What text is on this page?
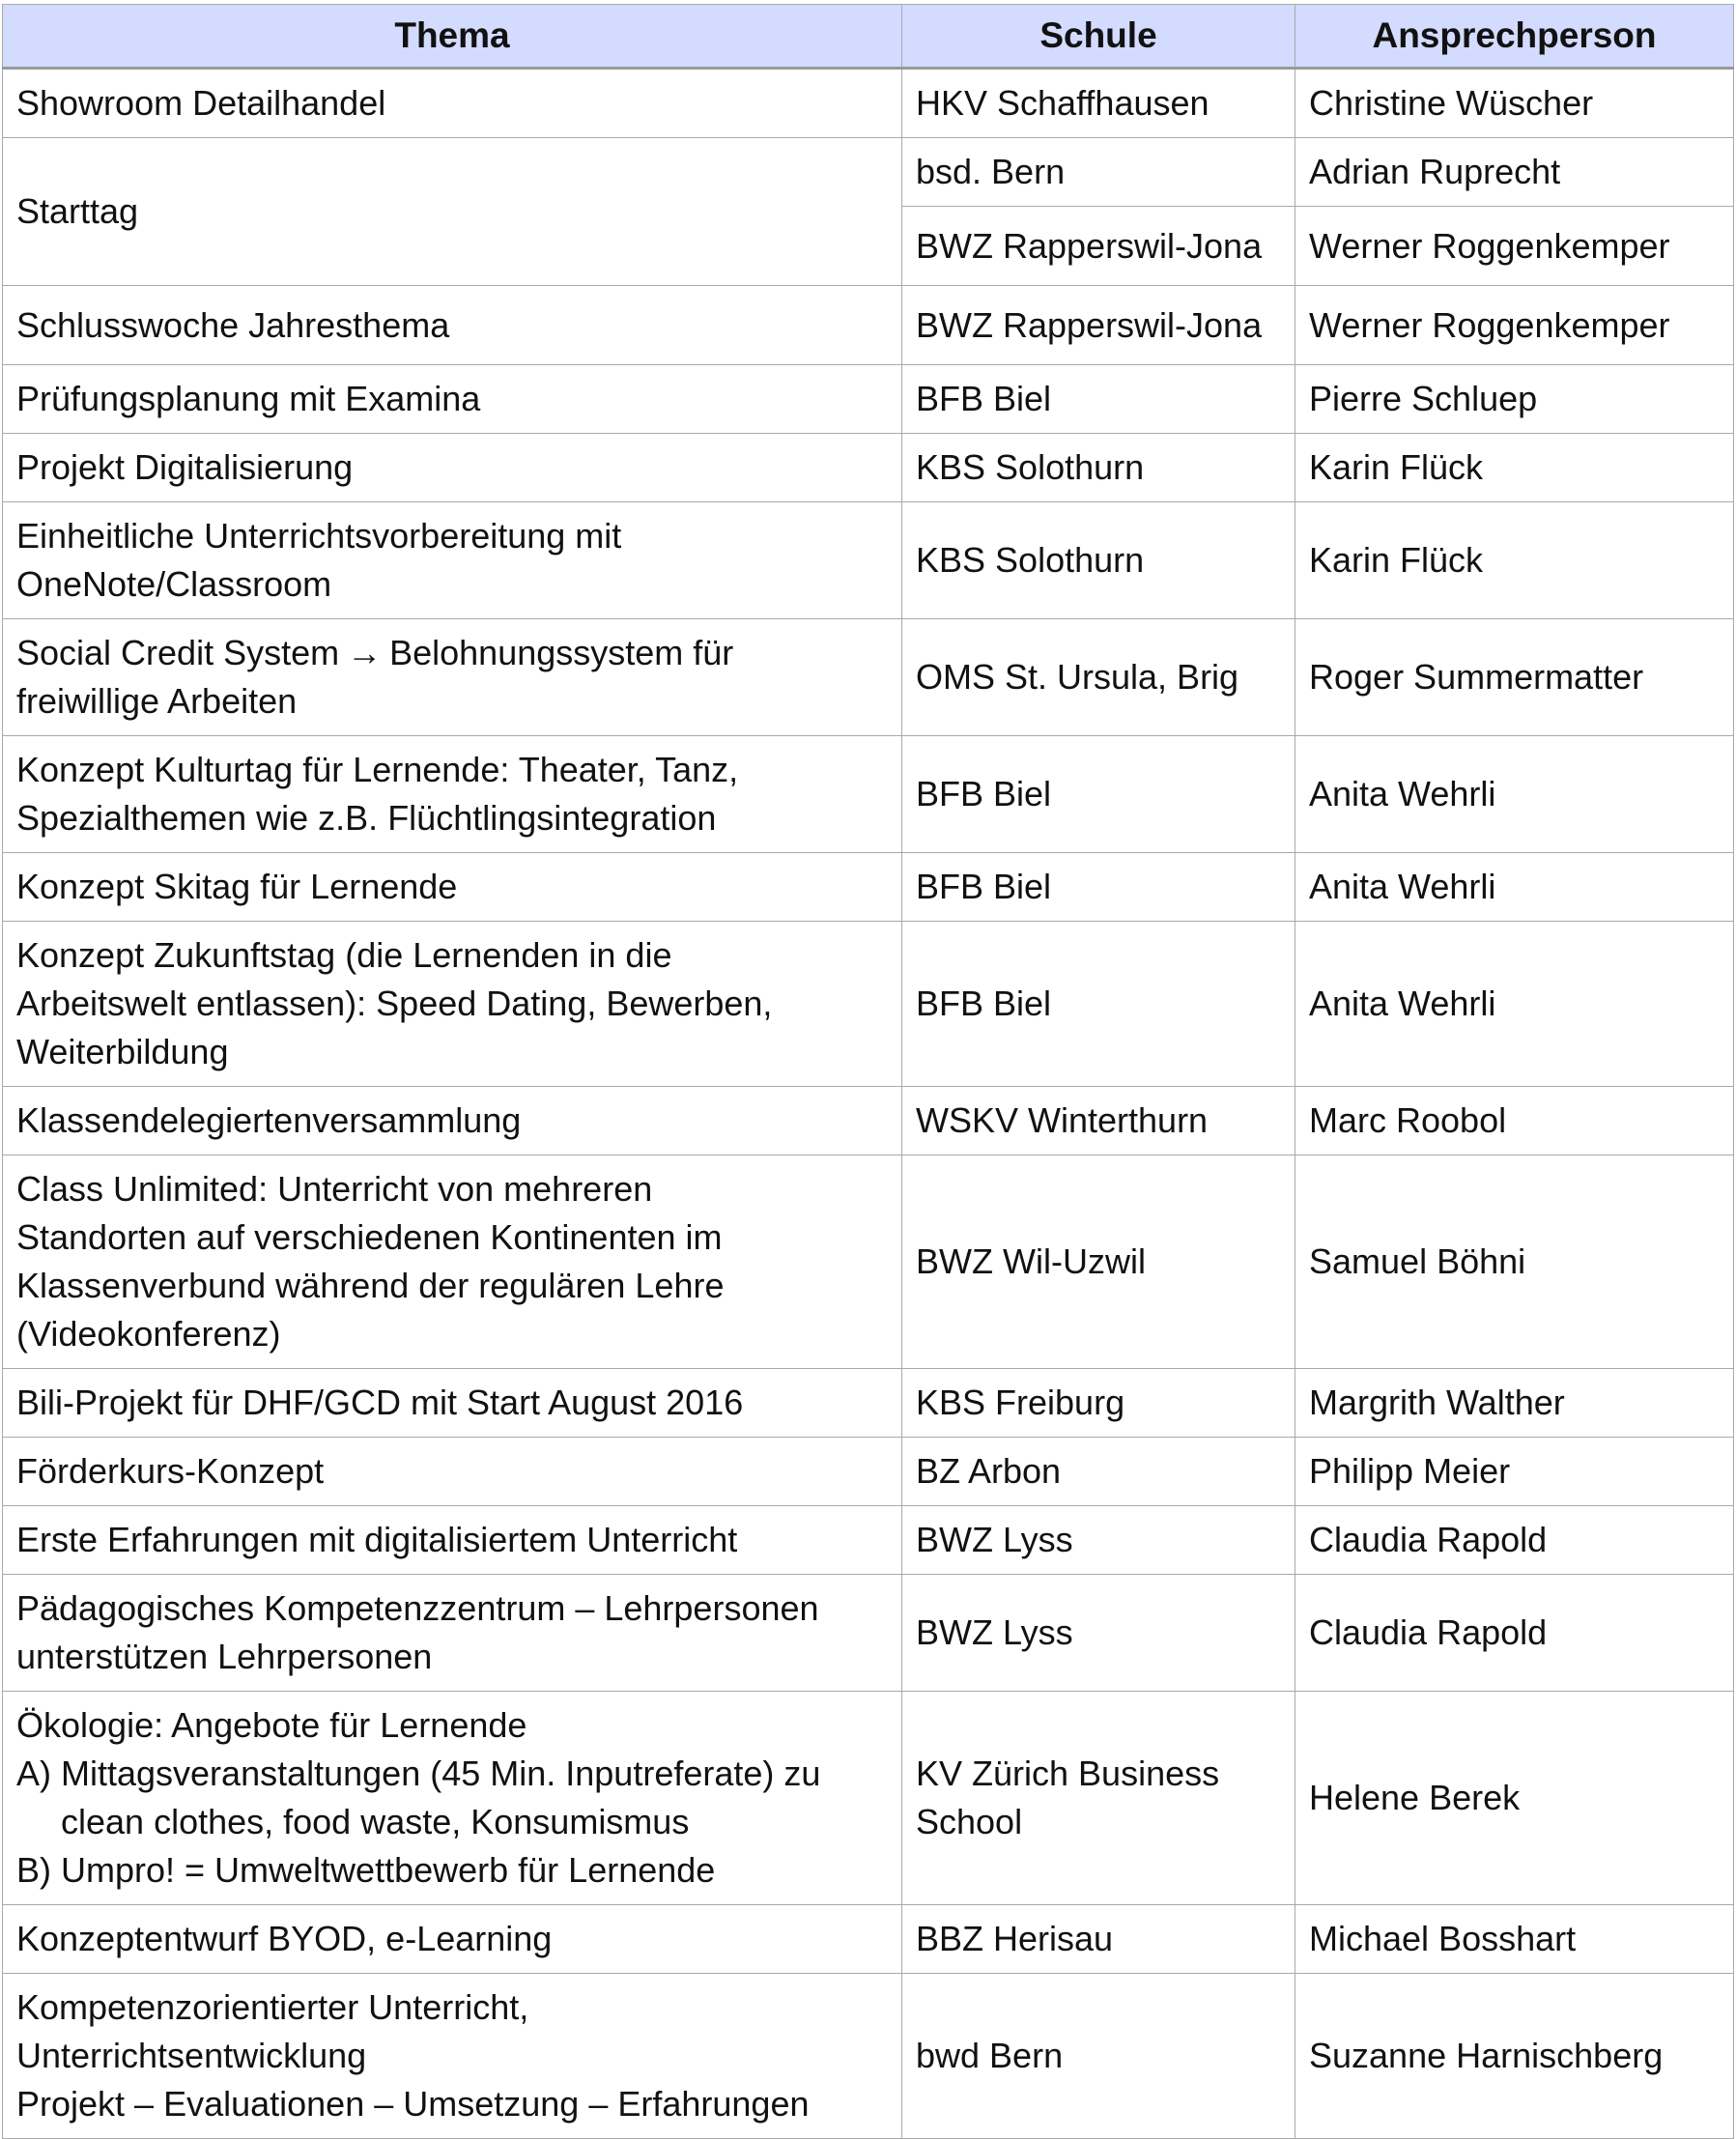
Thema	Schule	Ansprechperson

Showroom Detailhandel	HKV Schaffhausen	Christine Wüscher

Starttag	bsd. Bern	Adrian Ruprecht
	BWZ Rapperswil-Jona	Werner Roggenkemper

Schlusswoche Jahresthema	BWZ Rapperswil-Jona	Werner Roggenkemper

Prüfungsplanung mit Examina	BFB Biel	Pierre Schluep

Projekt Digitalisierung	KBS Solothurn	Karin Flück

Einheitliche Unterrichtsvorbereitung mit
OneNote/Classroom	KBS Solothurn	Karin Flück

Social Credit System → Belohnungssystem für
freiwillige Arbeiten	OMS St. Ursula, Brig	Roger Summermatter

Konzept Kulturtag für Lernende: Theater, Tanz,
Spezialthemen wie z.B. Flüchtlingsintegration	BFB Biel	Anita Wehrli

Konzept Skitag für Lernende	BFB Biel	Anita Wehrli

Konzept Zukunftstag (die Lernenden in die
Arbeitswelt entlassen): Speed Dating, Bewerben,
Weiterbildung	BFB Biel	Anita Wehrli

Klassendelegiertenversammlung	WSKV Winterthurn	Marc Roobol

Class Unlimited: Unterricht von mehreren
Standorten auf verschiedenen Kontinenten im
Klassenverbund während der regulären Lehre
(Videokonferenz)	BWZ Wil-Uzwil	Samuel Böhni

Bili-Projekt für DHF/GCD mit Start August 2016	KBS Freiburg	Margrith Walther

Förderkurs-Konzept	BZ Arbon	Philipp Meier

Erste Erfahrungen mit digitalisiertem Unterricht	BWZ Lyss	Claudia Rapold

Pädagogisches Kompetenzzentrum – Lehrpersonen
unterstützen Lehrpersonen	BWZ Lyss	Claudia Rapold

Ökologie: Angebote für Lernende
A) Mittagsveranstaltungen (45 Min. Inputreferate) zu clean clothes, food waste, Konsumismus
B) Umpro! = Umweltwettbewerb für Lernende	KV Zürich Business
School	Helene Berek

Konzeptentwurf BYOD, e-Learning	BBZ Herisau	Michael Bosshart

Kompetenzorientierter Unterricht,
Unterrichtsentwicklung
Projekt – Evaluationen – Umsetzung – Erfahrungen	bwd Bern	Suzanne Harnischberg
